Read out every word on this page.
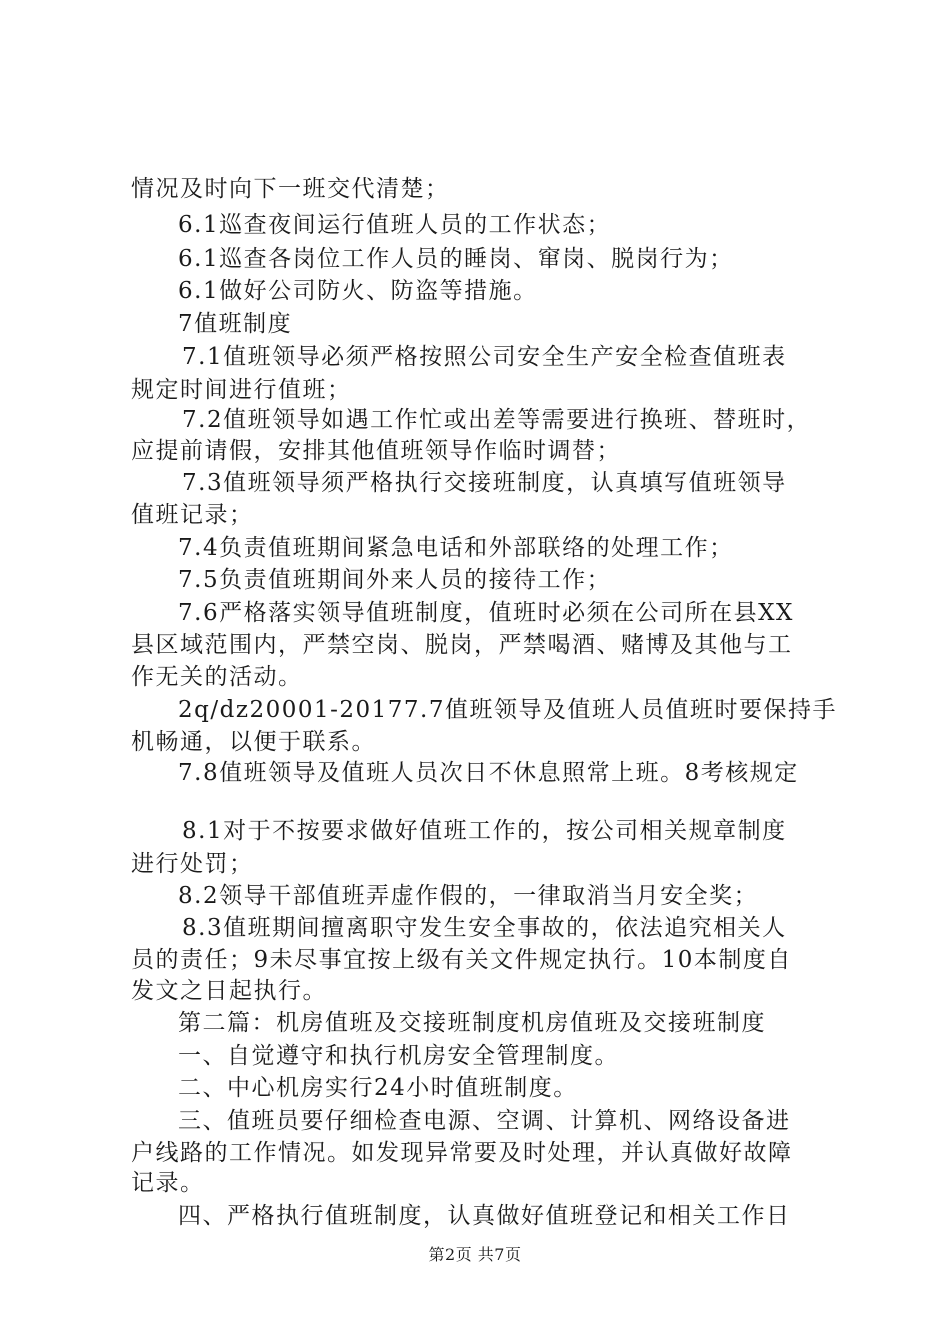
情况及时向下一班交代清楚；
6.1巡查夜间运行值班人员的工作状态；
6.1巡查各岗位工作人员的睡岗、窜岗、脱岗行为；
6.1做好公司防火、防盗等措施。
7值班制度
7.1值班领导必须严格按照公司安全生产安全检查值班表
规定时间进行值班；
7.2值班领导如遇工作忙或出差等需要进行换班、替班时，
应提前请假，安排其他值班领导作临时调替；
7.3值班领导须严格执行交接班制度，认真填写值班领导
值班记录；
7.4负责值班期间紧急电话和外部联络的处理工作；
7.5负责值班期间外来人员的接待工作；
7.6严格落实领导值班制度，值班时必须在公司所在县XX
县区域范围内，严禁空岗、脱岗，严禁喝酒、赌博及其他与工
作无关的活动。
2q/dz20001-20177.7值班领导及值班人员值班时要保持手
机畅通，以便于联系。
7.8值班领导及值班人员次日不休息照常上班。8考核规定
8.1对于不按要求做好值班工作的，按公司相关规章制度
进行处罚；
8.2领导干部值班弄虚作假的，一律取消当月安全奖；
8.3值班期间擅离职守发生安全事故的，依法追究相关人
员的责任；9未尽事宜按上级有关文件规定执行。10本制度自
发文之日起执行。
第二篇：机房值班及交接班制度机房值班及交接班制度
一、自觉遵守和执行机房安全管理制度。
二、中心机房实行24小时值班制度。
三、值班员要仔细检查电源、空调、计算机、网络设备进
户线路的工作情况。如发现异常要及时处理，并认真做好故障
记录。
四、严格执行值班制度，认真做好值班登记和相关工作日
第2页 共7页
